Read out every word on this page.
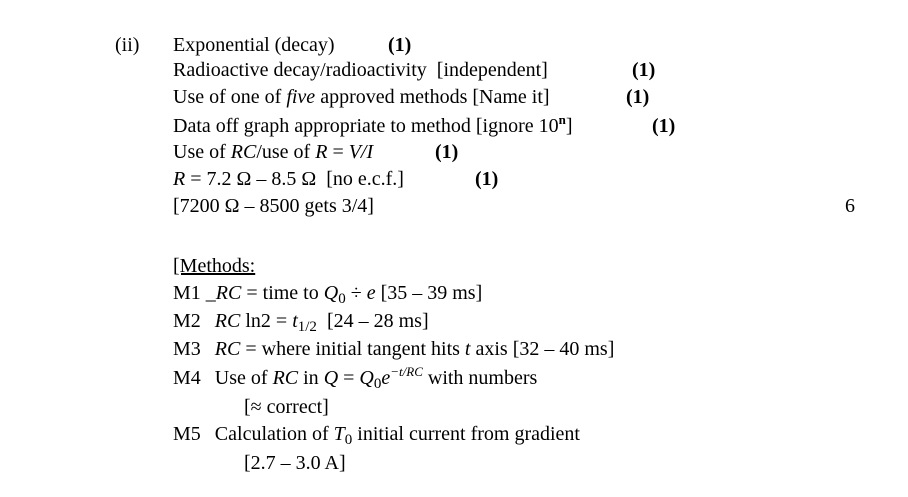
(ii) Exponential (decay)	(1)
Radioactive decay/radioactivity  [independent]	(1)
Use of one of five approved methods [Name it]	(1)
Data off graph appropriate to method [ignore 10$^n$]	(1)
Use of RC/use of R = V/I	(1)
R = 7.2 Ω – 8.5 Ω  [no e.c.f.]	(1)
[7200 Ω – 8500 gets 3/4]	6
[Methods:
M1 _RC = time to $Q_0 \div e$ [35 – 39 ms]
M2 RC $\ln 2 = t_{1/2}$  [24 – 28 ms]
M3 RC = where initial tangent hits t axis [32 – 40 ms]
M4 Use of RC in $Q = Q_0e^{-t/RC}$ with numbers
[≈ correct]
M5 Calculation of $T_0$ initial current from gradient
[2.7 – 3.0 A]
